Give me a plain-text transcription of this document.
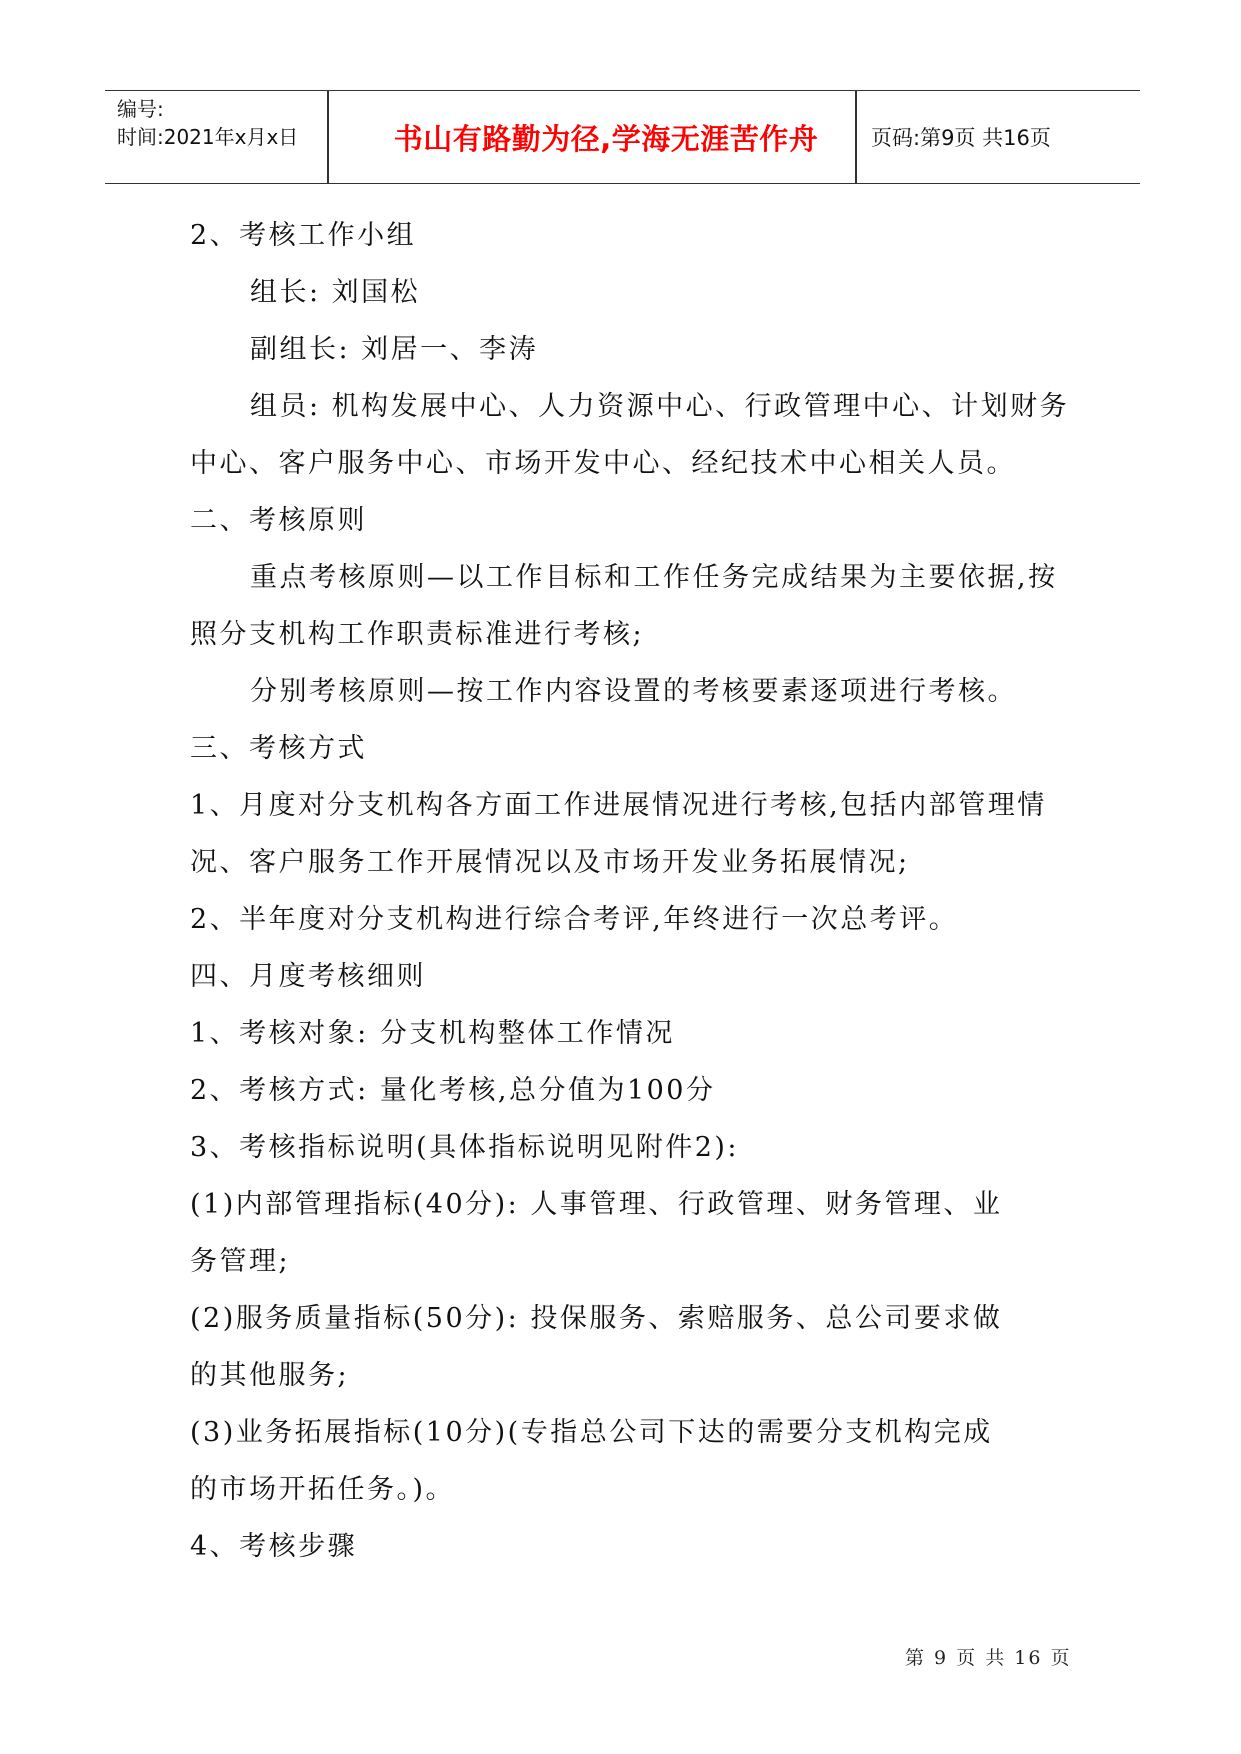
编号:
时间:2021年x月x日	书山有路勤为径,学海无涯苦作舟	页码:第9页 共16页
2、考核工作小组
组长: 刘国松
副组长: 刘居一、李涛
组员: 机构发展中心、人力资源中心、行政管理中心、计划财务
中心、客户服务中心、市场开发中心、经纪技术中心相关人员。
二、考核原则
重点考核原则—以工作目标和工作任务完成结果为主要依据,按
照分支机构工作职责标准进行考核;
分别考核原则—按工作内容设置的考核要素逐项进行考核。
三、考核方式
1、月度对分支机构各方面工作进展情况进行考核,包括内部管理情
况、客户服务工作开展情况以及市场开发业务拓展情况;
2、半年度对分支机构进行综合考评,年终进行一次总考评。
四、月度考核细则
1、考核对象: 分支机构整体工作情况
2、考核方式: 量化考核,总分值为100分
3、考核指标说明(具体指标说明见附件2):
(1)内部管理指标(40分): 人事管理、行政管理、财务管理、业
务管理;
(2)服务质量指标(50分): 投保服务、索赔服务、总公司要求做
的其他服务;
(3)业务拓展指标(10分)(专指总公司下达的需要分支机构完成
的市场开拓任务。)。
4、考核步骤
第 9 页 共 16 页
